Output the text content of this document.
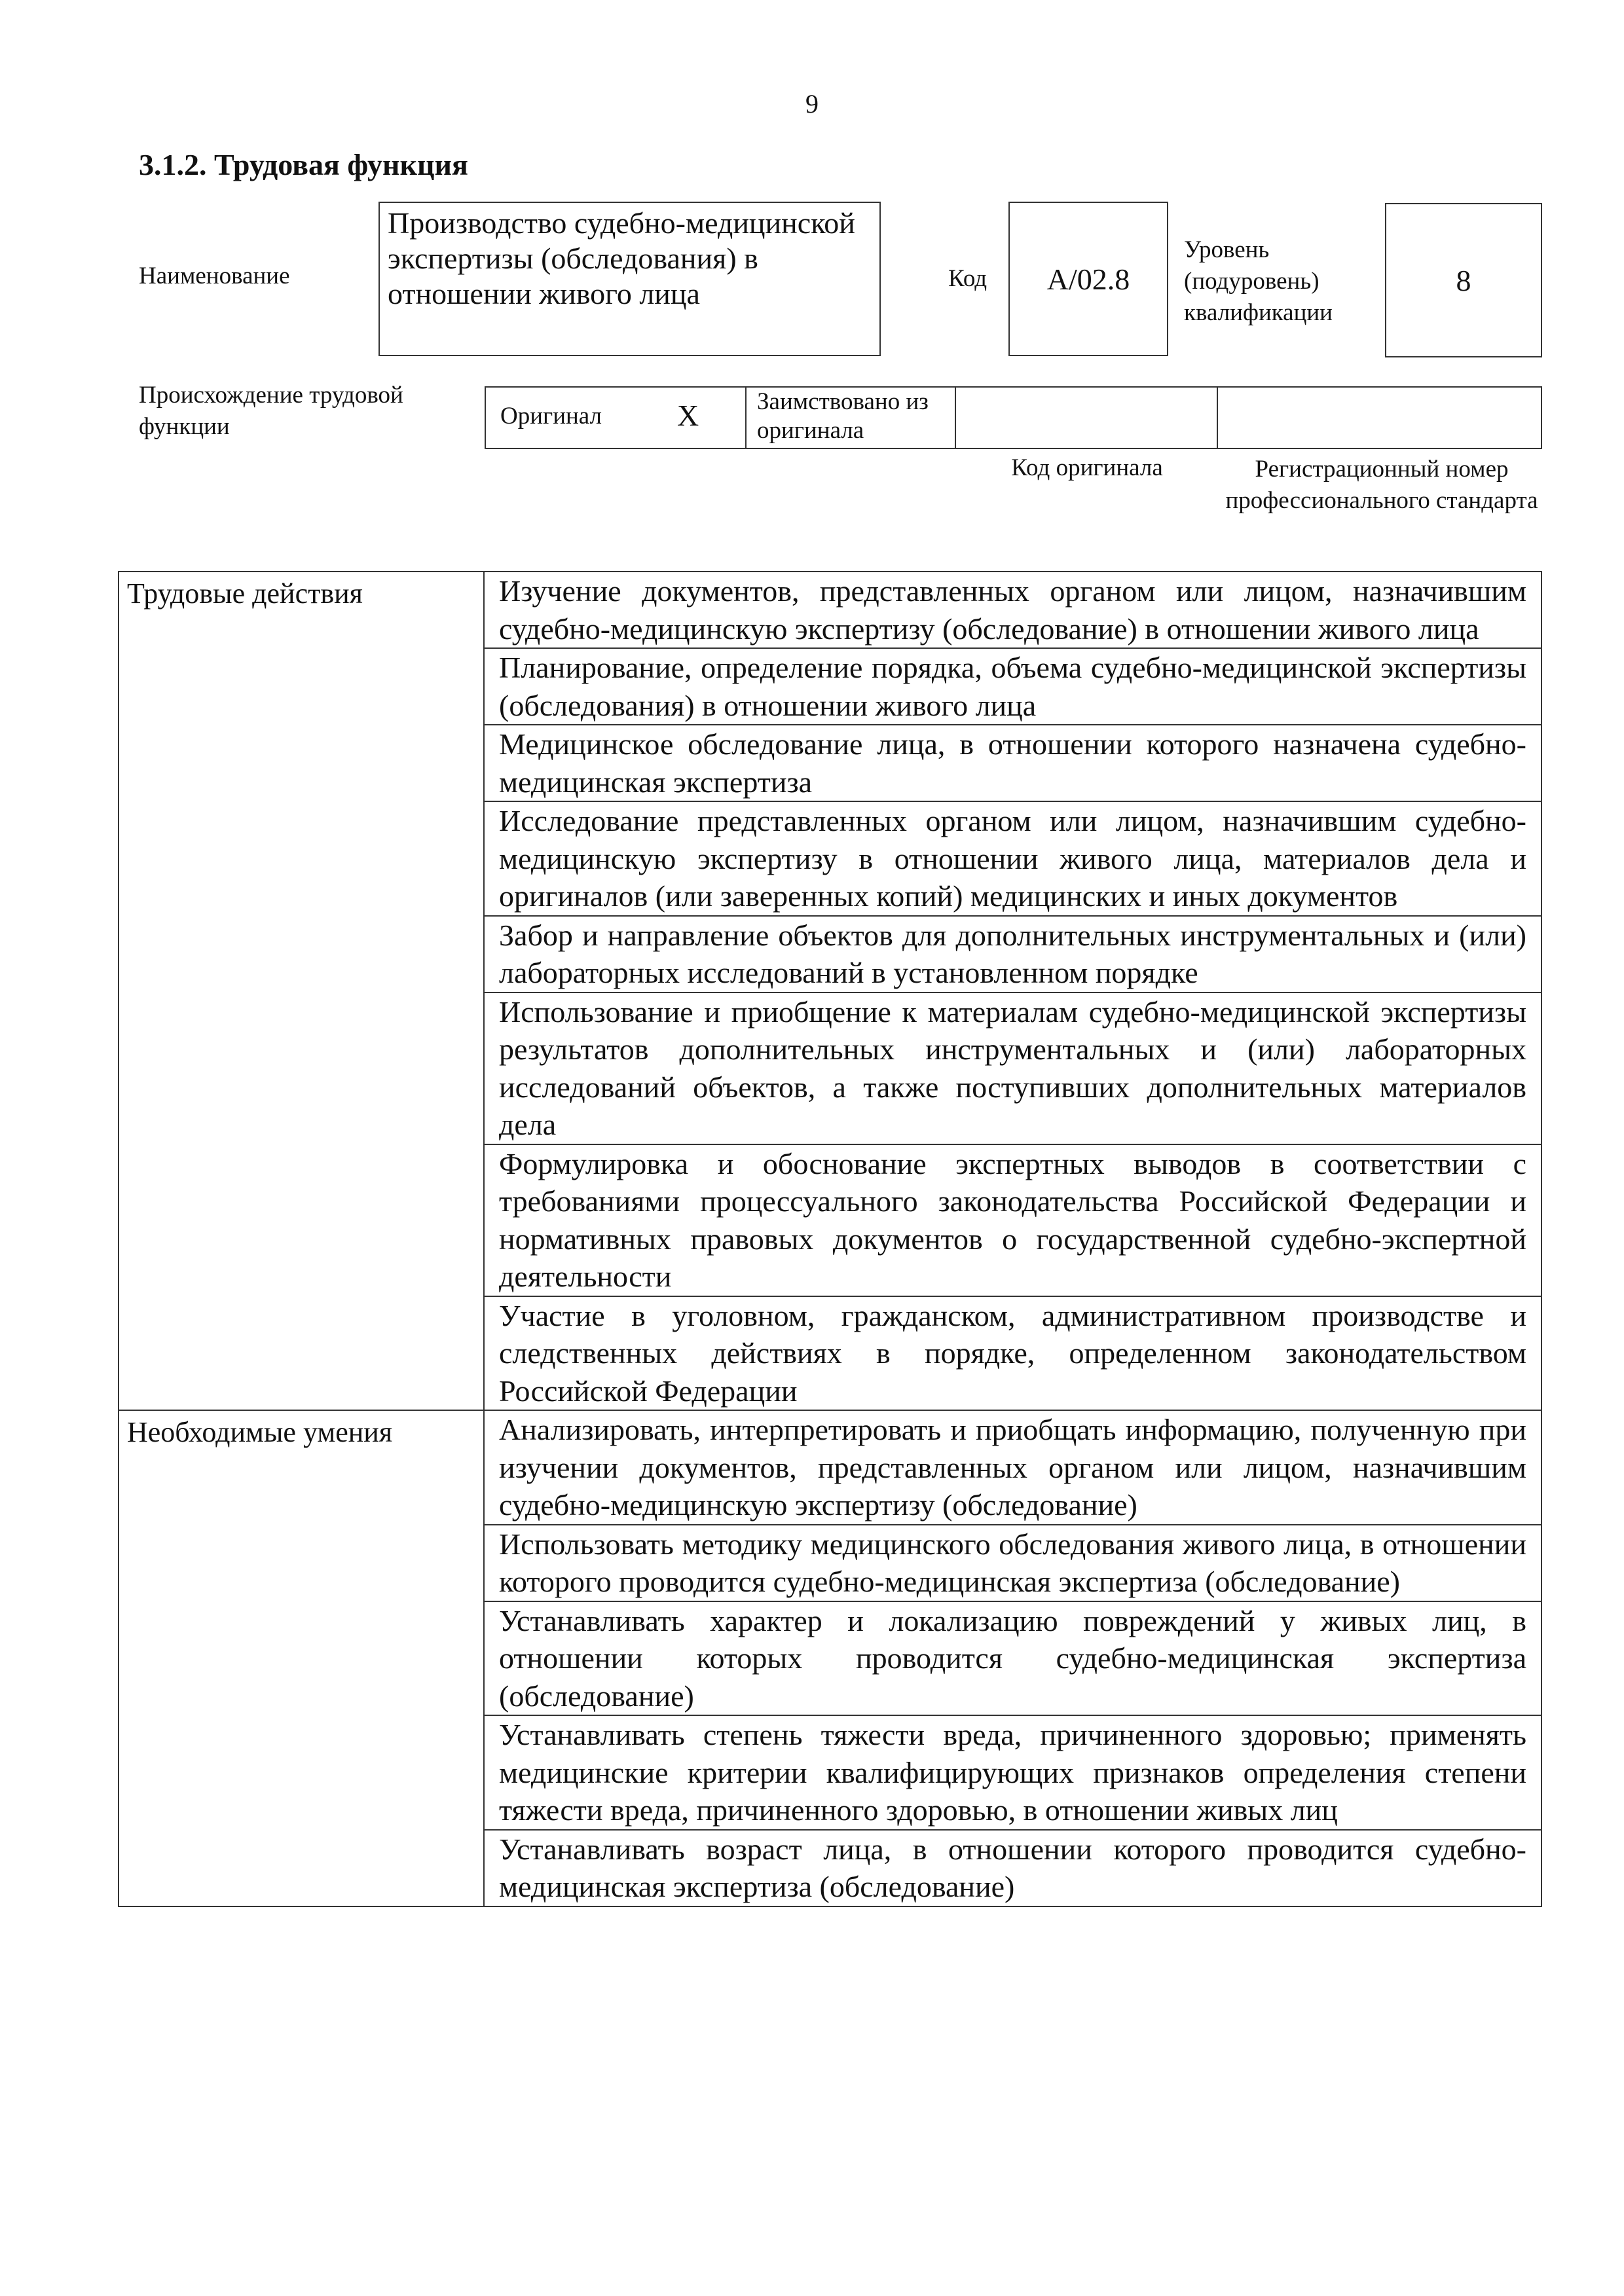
9
3.1.2. Трудовая функция
Наименование
Производство судебно-медицинской экспертизы (обследования) в отношении живого лица	Код	A/02.8
Уровень (подуровень) квалификации
8
Происхождение трудовой функции	Оригинал X Заимствовано из оригинала
Код оригинала	Регистрационный номер профессионального стандарта
Трудовые действия	Изучение документов, представленных органом или лицом, назначившим судебно-медицинскую экспертизу (обследование) в отношении живого лица
	Планирование, определение порядка, объема судебно-медицинской экспертизы (обследования) в отношении живого лица
	Медицинское обследование лица, в отношении которого назначена судебно-медицинская экспертиза
	Исследование представленных органом или лицом, назначившим судебно-медицинскую экспертизу в отношении живого лица, материалов дела и оригиналов (или заверенных копий) медицинских и иных документов
	Забор и направление объектов для дополнительных инструментальных и (или) лабораторных исследований в установленном порядке
	Использование и приобщение к материалам судебно-медицинской экспертизы результатов дополнительных инструментальных и (или) лабораторных исследований объектов, а также поступивших дополнительных материалов дела
	Формулировка и обоснование экспертных выводов в соответствии с требованиями процессуального законодательства Российской Федерации и нормативных правовых документов о государственной судебно-экспертной деятельности
	Участие в уголовном, гражданском, административном производстве и следственных действиях в порядке, определенном законодательством Российской Федерации
Необходимые умения	Анализировать, интерпретировать и приобщать информацию, полученную при изучении документов, представленных органом или лицом, назначившим судебно-медицинскую экспертизу (обследование)
	Использовать методику медицинского обследования живого лица, в отношении которого проводится судебно-медицинская экспертиза (обследование)
	Устанавливать характер и локализацию повреждений у живых лиц, в отношении которых проводится судебно-медицинская экспертиза (обследование)
	Устанавливать степень тяжести вреда, причиненного здоровью; применять медицинские критерии квалифицирующих признаков определения степени тяжести вреда, причиненного здоровью, в отношении живых лиц
	Устанавливать возраст лица, в отношении которого проводится судебно-медицинская экспертиза (обследование)
